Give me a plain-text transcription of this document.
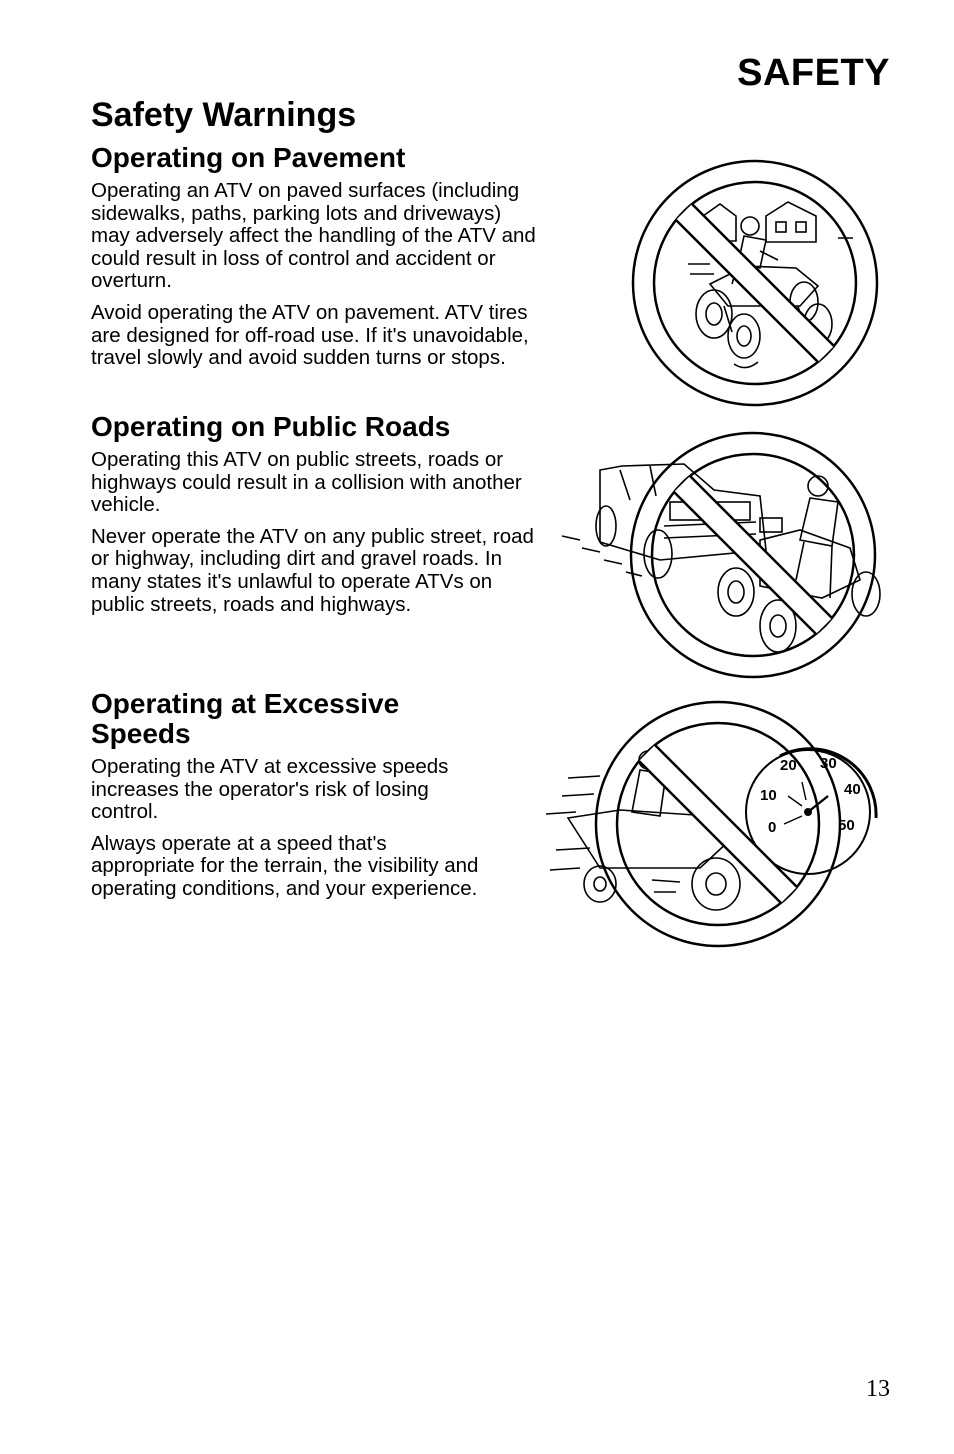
SAFETY
Safety Warnings
Operating on Pavement

Operating an ATV on paved surfaces (including sidewalks, paths, parking lots and driveways) may adversely affect the handling of the ATV and could result in loss of control and accident or overturn.

Avoid operating the ATV on pavement. ATV tires are designed for off-road use. If it's unavoidable, travel slowly and avoid sudden turns or stops.

Operating on Public Roads

Operating this ATV on public streets, roads or highways could result in a collision with another vehicle.

Never operate the ATV on any public street, road or highway, including dirt and gravel roads. In many states it's unlawful to operate ATVs on public streets, roads and highways.

Operating at Excessive Speeds

Operating the ATV at excessive speeds increases the operator's risk of losing control.

Always operate at a speed that's appropriate for the terrain, the visibility and operating conditions, and your experience.

0
10
20 30
40
50
13
